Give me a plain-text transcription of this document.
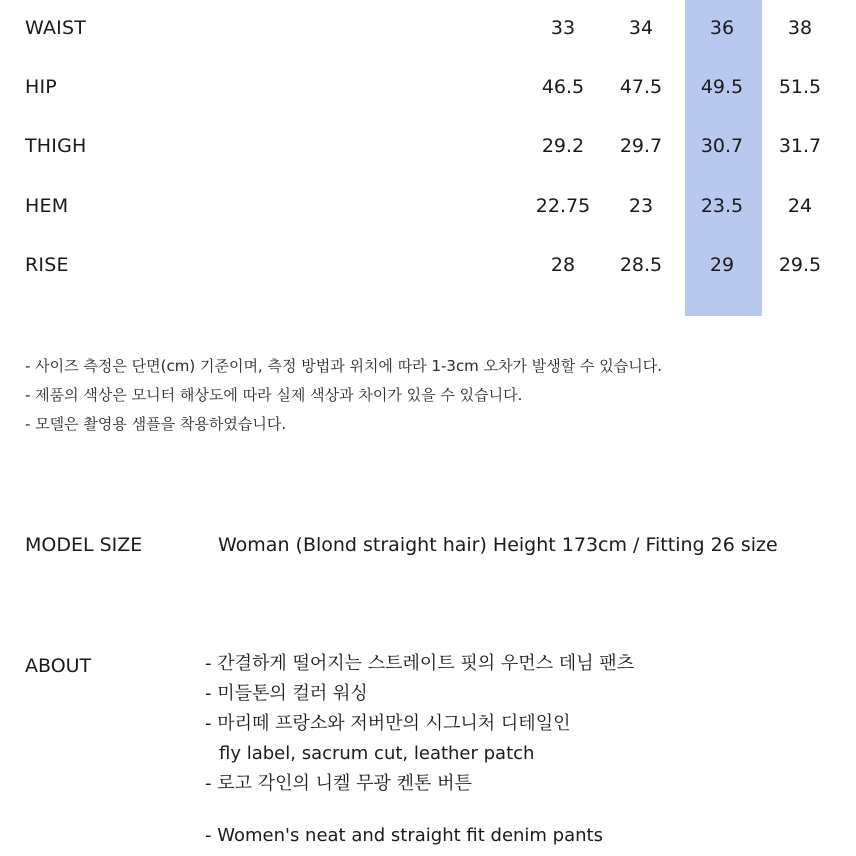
WAIST	33	34	36	38
HIP	46.5	47.5	49.5	51.5
THIGH	29.2	29.7	30.7	31.7
HEM	22.75	23	23.5	24
RISE	28	28.5	29	29.5
- 사이즈 측정은 단면(cm) 기준이며, 측정 방법과 위치에 따라 1-3cm 오차가 발생할 수 있습니다.
- 제품의 색상은 모니터 해상도에 따라 실제 색상과 차이가 있을 수 있습니다.
- 모델은 촬영용 샘플을 착용하였습니다.
MODEL SIZE	Woman (Blond straight hair) Height 173cm / Fitting 26 size
ABOUT	- 간결하게 떨어지는 스트레이트 핏의 우먼스 데님 팬츠
- 미들톤의 컬러 워싱
- 마리떼 프랑소와 저버만의 시그니처 디테일인
fly label, sacrum cut, leather patch
- 로고 각인의 니켈 무광 켄톤 버튼
- Women's neat and straight fit denim pants
